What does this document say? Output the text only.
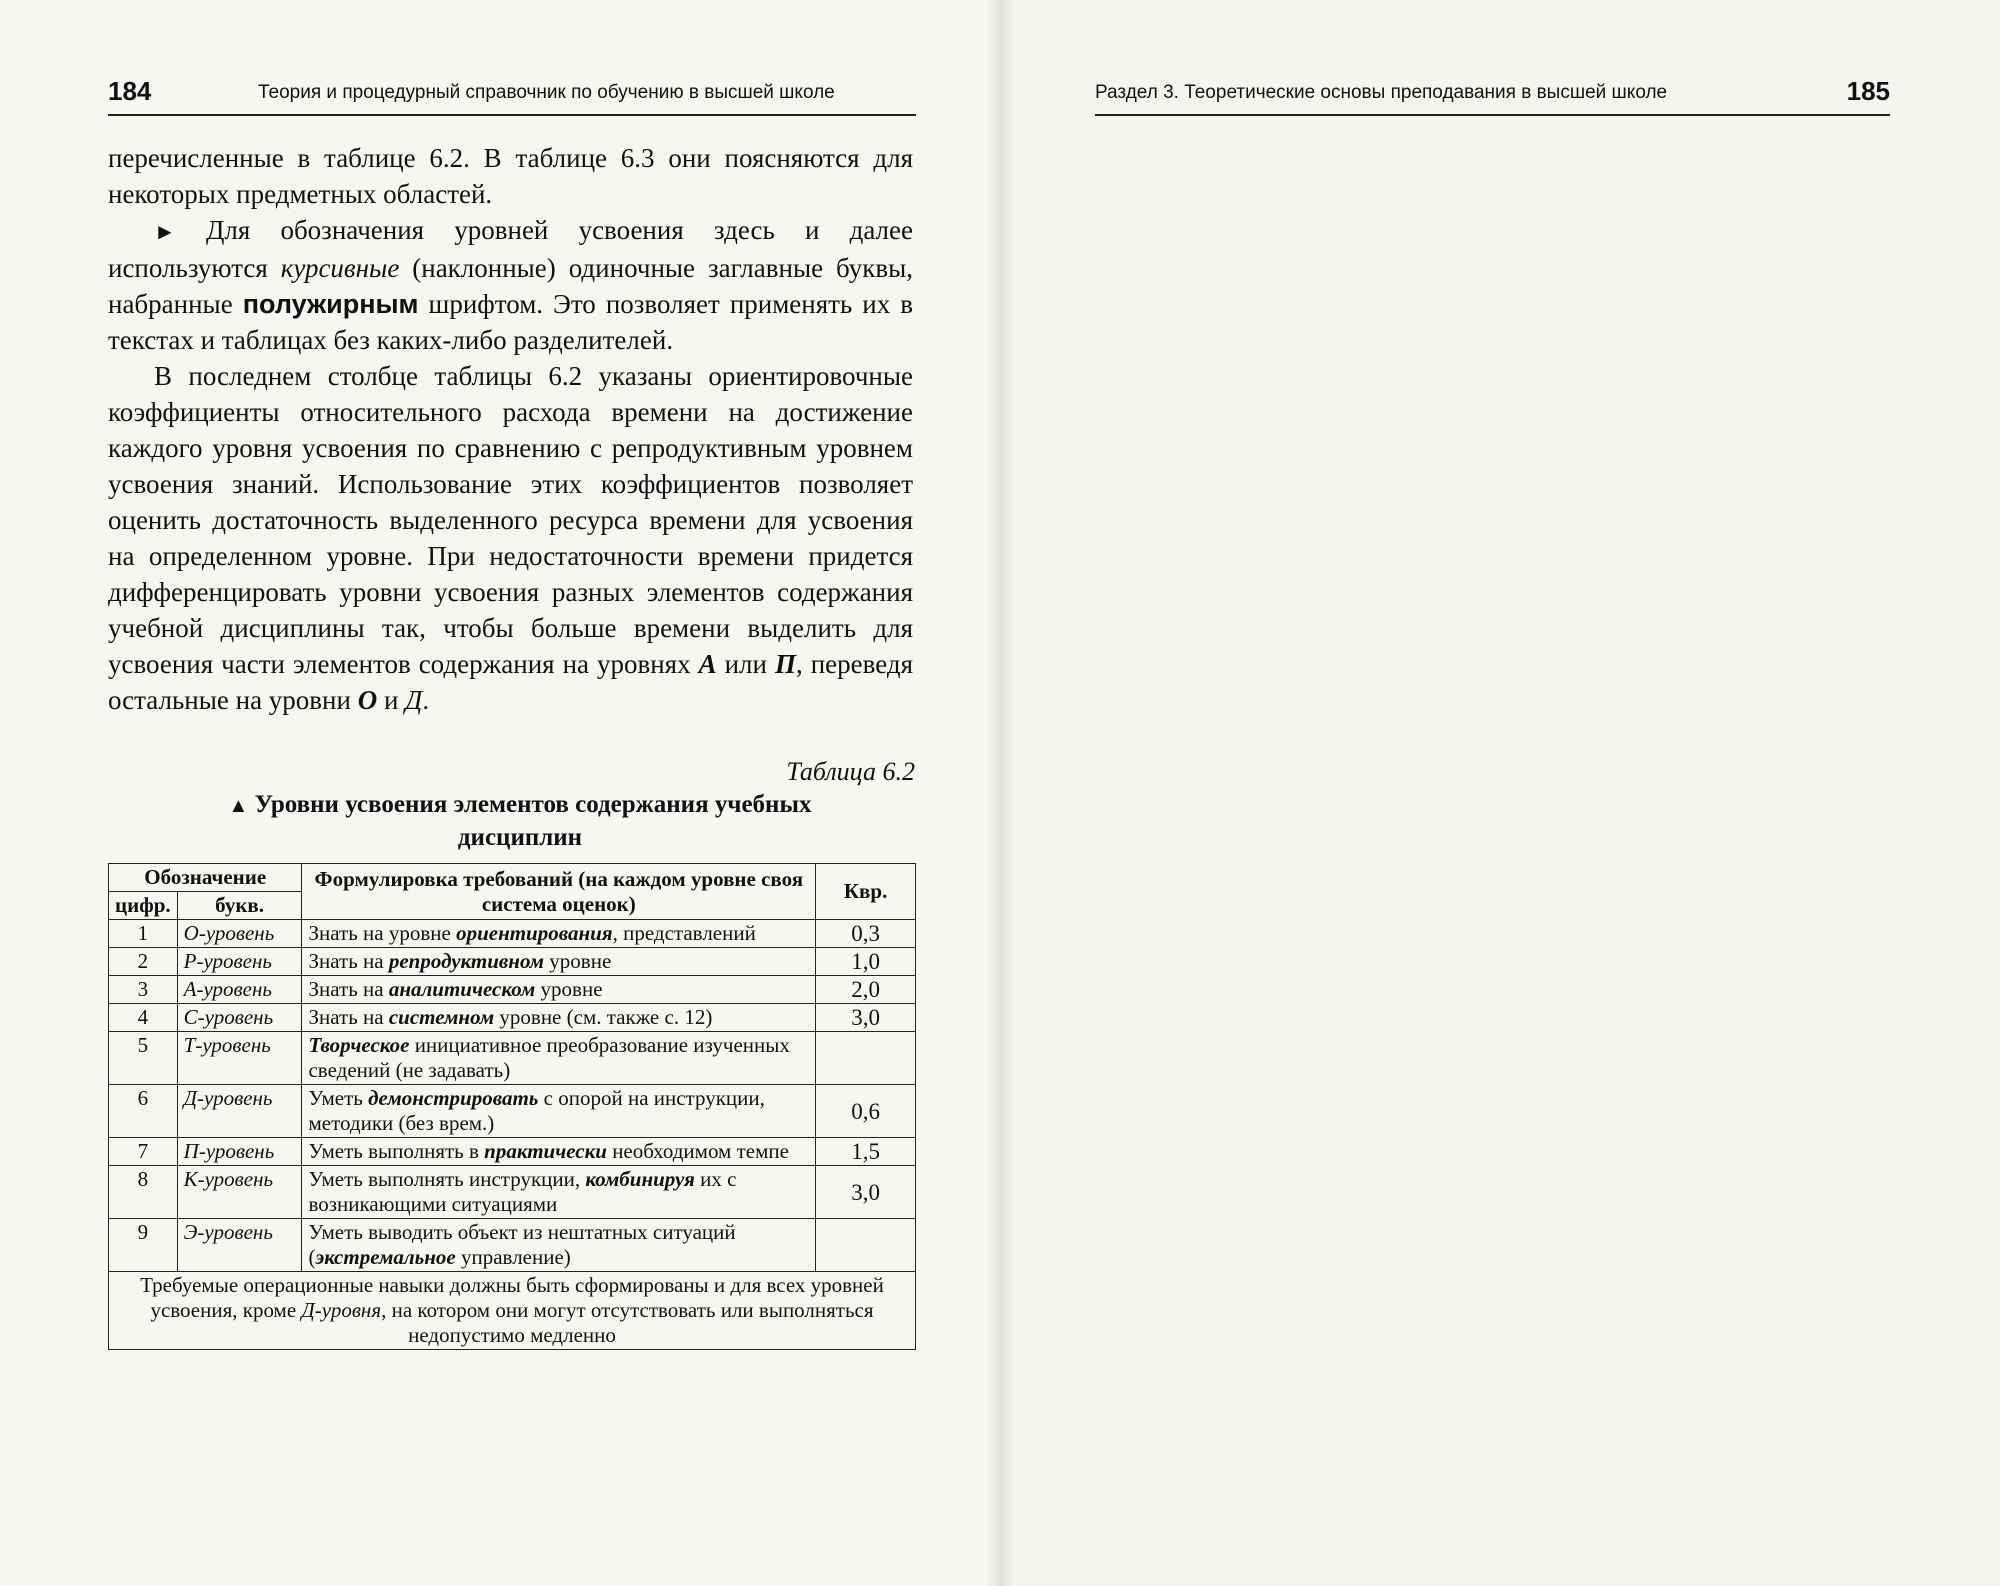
184	Теория и процедурный справочник по обучению в высшей школе

перечисленные в таблице 6.2. В таблице 6.3 они поясняются для некоторых предметных областей.

► Для обозначения уровней усвоения здесь и далее используются курсивные (наклонные) одиночные заглавные буквы, набранные полужирным шрифтом. Это позволяет применять их в текстах и таблицах без каких-либо разделителей.

В последнем столбце таблицы 6.2 указаны ориентировочные коэффициенты относительного расхода времени на достижение каждого уровня усвоения по сравнению с репродуктивным уровнем усвоения знаний. Использование этих коэффициентов позволяет оценить достаточность выделенного ресурса времени для усвоения на определенном уровне. При недостаточности времени придется дифференцировать уровни усвоения разных элементов содержания учебной дисциплины так, чтобы больше времени выделить для усвоения части элементов содержания на уровнях А или П, переведя остальные на уровни О и Д.

Таблица 6.2
▲ Уровни усвоения элементов содержания учебных дисциплин
Обозначение		Формулировка требований (на каждом уровне своя система оценок)	Квр.
цифр.	букв.		
1	О-уровень	Знать на уровне ориентирования, представлений	0,3
2	Р-уровень	Знать на репродуктивном уровне	1,0
3	А-уровень	Знать на аналитическом уровне	2,0
4	С-уровень	Знать на системном уровне (см. также с. 12)	3,0
5	Т-уровень	Творческое инициативное преобразование изученных сведений (не задавать)	
6	Д-уровень	Уметь демонстрировать с опорой на инструкции, методики (без врем.)	0,6
7	П-уровень	Уметь выполнять в практически необходимом темпе	1,5
8	К-уровень	Уметь выполнять инструкции, комбинируя их с возникающими ситуациями	3,0
9	Э-уровень	Уметь выводить объект из нештатных ситуаций (экстремальное управление)	
Требуемые операционные навыки должны быть сформированы и для всех уровней усвоения, кроме Д-уровня, на котором они могут отсутствовать или выполняться недопустимо медленно			
Раздел 3. Теоретические основы преподавания в высшей школе	185
